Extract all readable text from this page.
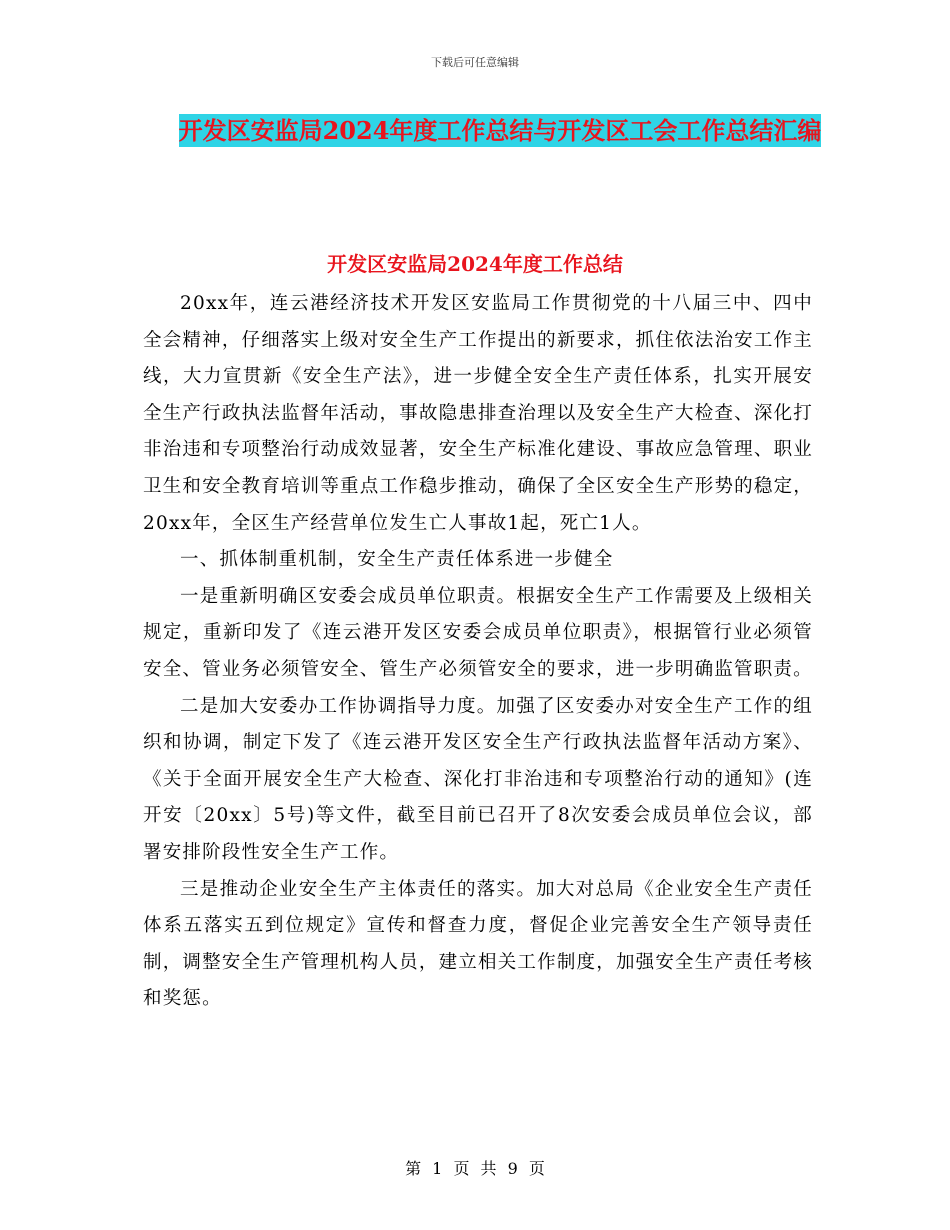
下载后可任意编辑
开发区安监局2024年度工作总结与开发区工会工作总结汇编
开发区安监局2024年度工作总结

20xx年，连云港经济技术开发区安监局工作贯彻党的十八届三中、四中全会精神，仔细落实上级对安全生产工作提出的新要求，抓住依法治安工作主线，大力宣贯新《安全生产法》，进一步健全安全生产责任体系，扎实开展安全生产行政执法监督年活动，事故隐患排查治理以及安全生产大检查、深化打非治违和专项整治行动成效显著，安全生产标准化建设、事故应急管理、职业卫生和安全教育培训等重点工作稳步推动，确保了全区安全生产形势的稳定，20xx年，全区生产经营单位发生亡人事故1起，死亡1人。

一、抓体制重机制，安全生产责任体系进一步健全

一是重新明确区安委会成员单位职责。根据安全生产工作需要及上级相关规定，重新印发了《连云港开发区安委会成员单位职责》，根据管行业必须管安全、管业务必须管安全、管生产必须管安全的要求，进一步明确监管职责。

二是加大安委办工作协调指导力度。加强了区安委办对安全生产工作的组织和协调，制定下发了《连云港开发区安全生产行政执法监督年活动方案》、《关于全面开展安全生产大检查、深化打非治违和专项整治行动的通知》(连开安〔20xx〕5号)等文件，截至目前已召开了8次安委会成员单位会议，部署安排阶段性安全生产工作。

三是推动企业安全生产主体责任的落实。加大对总局《企业安全生产责任体系五落实五到位规定》宣传和督查力度，督促企业完善安全生产领导责任制，调整安全生产管理机构人员，建立相关工作制度，加强安全生产责任考核和奖惩。

第 1 页 共 9 页
